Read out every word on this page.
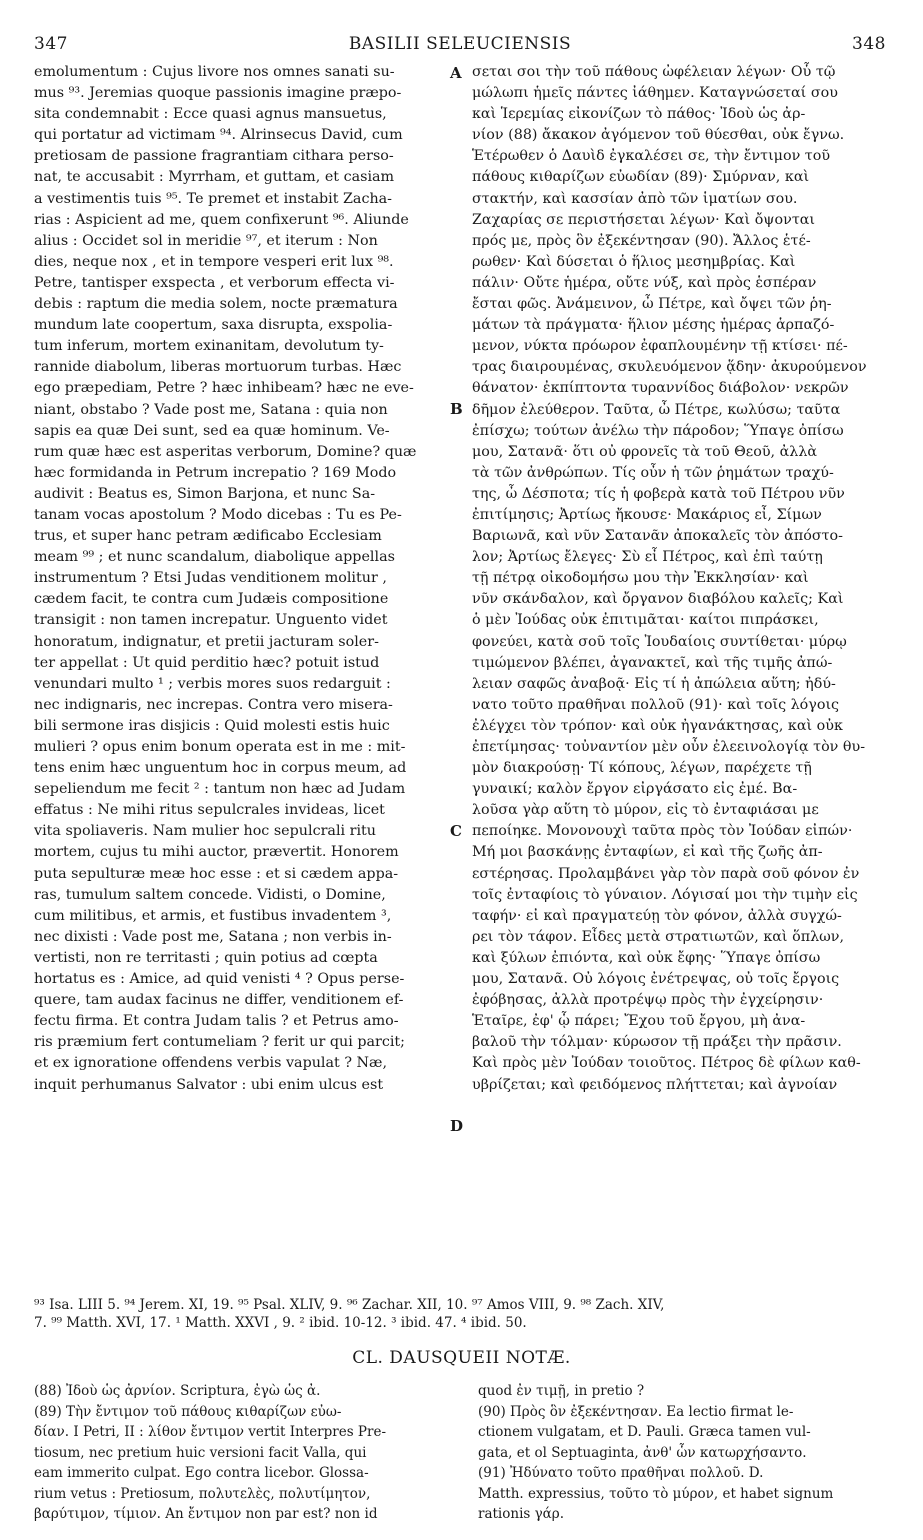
347	BASILII SELEUCIENSIS	348
emolumentum : Cujus livore nos omnes sanati su-
mus ⁹³. Jeremias quoque passionis imagine præpo-
sita condemnabit : Ecce quasi agnus mansuetus,
qui portatur ad victimam ⁹⁴. Alrinsecus David, cum
pretiosam de passione fragrantiam cithara perso-
nat, te accusabit : Myrrham, et guttam, et casiam
a vestimentis tuis ⁹⁵. Te premet et instabit Zacha-
rias : Aspicient ad me, quem confixerunt ⁹⁶. Aliunde
alius : Occidet sol in meridie ⁹⁷, et iterum : Non
dies, neque nox , et in tempore vesperi erit lux ⁹⁸.
Petre, tantisper exspecta , et verborum effecta vi-
debis : raptum die media solem, nocte præmatura
mundum late coopertum, saxa disrupta, exspolia-
tum inferum, mortem exinanitam, devolutum ty-
rannide diabolum, liberas mortuorum turbas. Hæc
ego præpediam, Petre ? hæc inhibeam? hæc ne eve-
niant, obstabo ? Vade post me, Satana : quia non
sapis ea quæ Dei sunt, sed ea quæ hominum. Ve-
rum quæ hæc est asperitas verborum, Domine? quæ
hæc formidanda in Petrum increpatio ? 169 Modo
audivit : Beatus es, Simon Barjona, et nunc Sa-
tanam vocas apostolum ? Modo dicebas : Tu es Pe-
trus, et super hanc petram ædificabo Ecclesiam
meam ⁹⁹ ; et nunc scandalum, diabolique appellas
instrumentum ? Etsi Judas venditionem molitur ,
cædem facit, te contra cum Judæis compositione
transigit : non tamen increpatur. Unguento videt
honoratum, indignatur, et pretii jacturam soler-
ter appellat : Ut quid perditio hæc? potuit istud
venundari multo ¹ ; verbis mores suos redarguit :
nec indignaris, nec increpas. Contra vero misera-
bili sermone iras disjicis : Quid molesti estis huic
mulieri ? opus enim bonum operata est in me : mit-
tens enim hæc unguentum hoc in corpus meum, ad
sepeliendum me fecit ² : tantum non hæc ad Judam
effatus : Ne mihi ritus sepulcrales invideas, licet
vita spoliaveris. Nam mulier hoc sepulcrali ritu
mortem, cujus tu mihi auctor, prævertit. Honorem
puta sepulturæ meæ hoc esse : et si cædem appa-
ras, tumulum saltem concede. Vidisti, o Domine,
cum militibus, et armis, et fustibus invadentem ³,
nec dixisti : Vade post me, Satana ; non verbis in-
vertisti, non re territasti ; quin potius ad cœpta
hortatus es : Amice, ad quid venisti ⁴ ? Opus perse-
quere, tam audax facinus ne differ, venditionem ef-
fectu firma. Et contra Judam talis ? et Petrus amo-
ris præmium fert contumeliam ? ferit ur qui parcit;
et ex ignoratione offendens verbis vapulat ? Næ,
inquit perhumanus Salvator : ubi enim ulcus est
A
B
C
D
σεται σοι τὴν τοῦ πάθους ὠφέλειαν λέγων· Οὗ τῷ
μώλωπι ἡμεῖς πάντες ἰάθημεν. Καταγνώσεταί σου
καὶ Ἱερεμίας εἰκονίζων τὸ πάθος· Ἰδοὺ ὡς ἀρ-
νίον (88) ἄκακον ἀγόμενον τοῦ θύεσθαι, οὐκ ἔγνω.
Ἑτέρωθεν ὁ Δαυὶδ ἐγκαλέσει σε, τὴν ἔντιμον τοῦ
πάθους κιθαρίζων εὐωδίαν (89)· Σμύρναν, καὶ
στακτήν, καὶ κασσίαν ἀπὸ τῶν ἱματίων σου.
Ζαχαρίας σε περιστήσεται λέγων· Καὶ ὄψονται
πρός με, πρὸς ὃν ἐξεκέντησαν (90). Ἄλλος ἑτέ-
ρωθεν· Καὶ δύσεται ὁ ἥλιος μεσημβρίας. Καὶ
πάλιν· Οὔτε ἡμέρα, οὔτε νύξ, καὶ πρὸς ἑσπέραν
ἔσται φῶς. Ἀνάμεινον, ὦ Πέτρε, καὶ ὄψει τῶν ῥη-
μάτων τὰ πράγματα· ἥλιον μέσης ἡμέρας ἁρπαζό-
μενον, νύκτα πρόωρον ἐφαπλουμένην τῇ κτίσει· πέ-
τρας διαιρουμένας, σκυλευόμενον ᾅδην· ἀκυρούμενον
θάνατον· ἐκπίπτοντα τυραννίδος διάβολον· νεκρῶν
δῆμον ἐλεύθερον. Ταῦτα, ὦ Πέτρε, κωλύσω; ταῦτα
ἐπίσχω; τούτων ἀνέλω τὴν πάροδον; Ὕπαγε ὀπίσω
μου, Σατανᾶ· ὅτι οὐ φρονεῖς τὰ τοῦ Θεοῦ, ἀλλὰ
τὰ τῶν ἀνθρώπων. Τίς οὖν ἡ τῶν ῥημάτων τραχύ-
της, ὦ Δέσποτα; τίς ἡ φοβερὰ κατὰ τοῦ Πέτρου νῦν
ἐπιτίμησις; Ἀρτίως ἤκουσε· Μακάριος εἶ, Σίμων
Βαριωνᾶ, καὶ νῦν Σατανᾶν ἀποκαλεῖς τὸν ἀπόστο-
λον; Ἀρτίως ἔλεγες· Σὺ εἶ Πέτρος, καὶ ἐπὶ ταύτῃ
τῇ πέτρᾳ οἰκοδομήσω μου τὴν Ἐκκλησίαν· καὶ
νῦν σκάνδαλον, καὶ ὄργανον διαβόλου καλεῖς; Καὶ
ὁ μὲν Ἰούδας οὐκ ἐπιτιμᾶται· καίτοι πιπράσκει,
φονεύει, κατὰ σοῦ τοῖς Ἰουδαίοις συντίθεται· μύρῳ
τιμώμενον βλέπει, ἀγανακτεῖ, καὶ τῆς τιμῆς ἀπώ-
λειαν σαφῶς ἀναβοᾷ· Εἰς τί ἡ ἀπώλεια αὕτη; ἠδύ-
νατο τοῦτο πραθῆναι πολλοῦ (91)· καὶ τοῖς λόγοις
ἐλέγχει τὸν τρόπον· καὶ οὐκ ἠγανάκτησας, καὶ οὐκ
ἐπετίμησας· τοὐναντίον μὲν οὖν ἐλεεινολογίᾳ τὸν θυ-
μὸν διακρούσῃ· Τί κόπους, λέγων, παρέχετε τῇ
γυναικί; καλὸν ἔργον εἰργάσατο εἰς ἐμέ. Βα-
λοῦσα γὰρ αὕτη τὸ μύρον, εἰς τὸ ἐνταφιάσαι με
πεποίηκε. Μονονουχὶ ταῦτα πρὸς τὸν Ἰούδαν εἰπών·
Μή μοι βασκάνῃς ἐνταφίων, εἰ καὶ τῆς ζωῆς ἀπ-
εστέρησας. Προλαμβάνει γὰρ τὸν παρὰ σοῦ φόνον ἐν
τοῖς ἐνταφίοις τὸ γύναιον. Λόγισαί μοι τὴν τιμὴν εἰς
ταφήν· εἰ καὶ πραγματεύῃ τὸν φόνον, ἀλλὰ συγχώ-
ρει τὸν τάφον. Εἶδες μετὰ στρατιωτῶν, καὶ ὅπλων,
καὶ ξύλων ἐπιόντα, καὶ οὐκ ἔφης· Ὕπαγε ὀπίσω
μου, Σατανᾶ. Οὐ λόγοις ἐνέτρεψας, οὐ τοῖς ἔργοις
ἐφόβησας, ἀλλὰ προτρέψῳ πρὸς τὴν ἐγχείρησιν·
Ἑταῖρε, ἐφ' ᾧ πάρει; Ἔχου τοῦ ἔργου, μὴ ἀνα-
βαλοῦ τὴν τόλμαν· κύρωσον τῇ πράξει τὴν πρᾶσιν.
Καὶ πρὸς μὲν Ἰούδαν τοιοῦτος. Πέτρος δὲ φίλων καθ-
υβρίζεται; καὶ φειδόμενος πλήττεται; καὶ ἀγνοίαν
⁹³ Isa. LIII 5. ⁹⁴ Jerem. XI, 19. ⁹⁵ Psal. XLIV, 9. ⁹⁶ Zachar. XII, 10. ⁹⁷ Amos VIII, 9. ⁹⁸ Zach. XIV,
7. ⁹⁹ Matth. XVI, 17. ¹ Matth. XXVI , 9. ² ibid. 10-12. ³ ibid. 47. ⁴ ibid. 50.
CL. DAUSQUEII NOTÆ.
(88) Ἰδοὺ ὡς ἀρνίον. Scriptura, ἐγὼ ὡς ἀ.
(89) Τὴν ἔντιμον τοῦ πάθους κιθαρίζων εὐω-
δίαν. I Petri, II : λίθον ἔντιμον vertit Interpres Pre-
tiosum, nec pretium huic versioni facit Valla, qui
eam immerito culpat. Ego contra licebor. Glossa-
rium vetus : Pretiosum, πολυτελὲς, πολυτίμητον,
βαρύτιμον, τίμιον. An ἔντιμον non par est? non id
quod ἐν τιμῇ, in pretio ?
(90) Πρὸς ὃν ἐξεκέντησαν. Ea lectio firmat le-
ctionem vulgatam, et D. Pauli. Græca tamen vul-
gata, et ol Septuaginta, ἀνθ' ὧν κατωρχήσαντο.
(91) Ἠδύνατο τοῦτο πραθῆναι πολλοῦ. D.
Matth. expressius, τοῦτο τὸ μύρον, et habet signum
rationis γάρ.
